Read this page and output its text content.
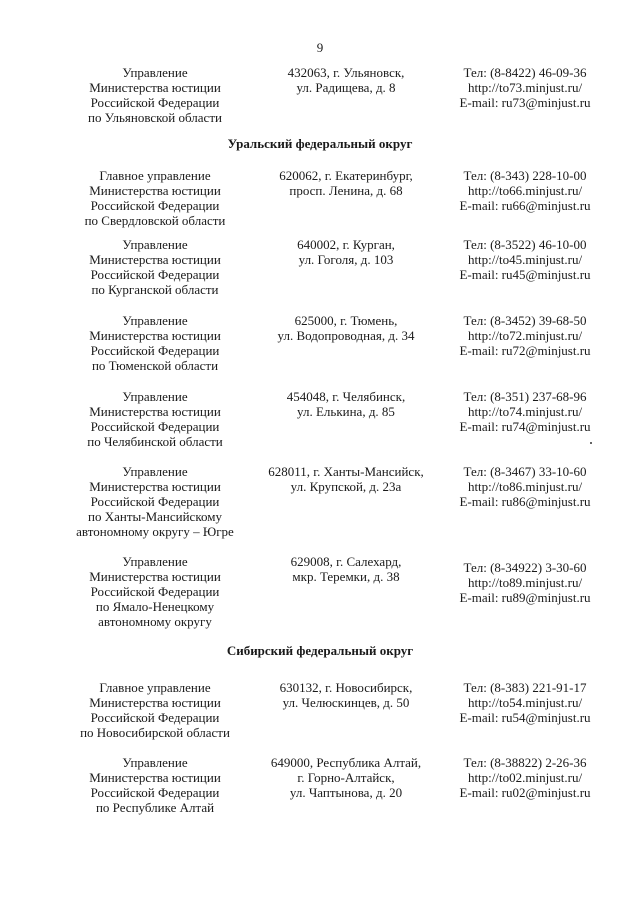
9
Управление
Министерства юстиции
Российской Федерации
по Ульяновской области
432063, г. Ульяновск,
ул. Радищева, д. 8
Тел: (8-8422) 46-09-36
http://to73.minjust.ru/
E-mail: ru73@minjust.ru
Уральский федеральный округ
Главное управление
Министерства юстиции
Российской Федерации
по Свердловской области
620062, г. Екатеринбург,
просп. Ленина, д. 68
Тел: (8-343) 228-10-00
http://to66.minjust.ru/
E-mail: ru66@minjust.ru
Управление
Министерства юстиции
Российской Федерации
по Курганской области
640002, г. Курган,
ул. Гоголя, д. 103
Тел: (8-3522) 46-10-00
http://to45.minjust.ru/
E-mail: ru45@minjust.ru
Управление
Министерства юстиции
Российской Федерации
по Тюменской области
625000, г. Тюмень,
ул. Водопроводная, д. 34
Тел: (8-3452) 39-68-50
http://to72.minjust.ru/
E-mail: ru72@minjust.ru
Управление
Министерства юстиции
Российской Федерации
по Челябинской области
454048, г. Челябинск,
ул. Елькина, д. 85
Тел: (8-351) 237-68-96
http://to74.minjust.ru/
E-mail: ru74@minjust.ru
Управление
Министерства юстиции
Российской Федерации
по Ханты-Мансийскому
автономному округу – Югре
628011, г. Ханты-Мансийск,
ул. Крупской, д. 23а
Тел: (8-3467) 33-10-60
http://to86.minjust.ru/
E-mail: ru86@minjust.ru
Управление
Министерства юстиции
Российской Федерации
по Ямало-Ненецкому
автономному округу
629008, г. Салехард,
мкр. Теремки, д. 38
Тел: (8-34922) 3-30-60
http://to89.minjust.ru/
E-mail: ru89@minjust.ru
Сибирский федеральный округ
Главное управление
Министерства юстиции
Российской Федерации
по Новосибирской области
630132, г. Новосибирск,
ул. Челюскинцев, д. 50
Тел: (8-383) 221-91-17
http://to54.minjust.ru/
E-mail: ru54@minjust.ru
Управление
Министерства юстиции
Российской Федерации
по Республике Алтай
649000, Республика Алтай,
г. Горно-Алтайск,
ул. Чаптынова, д. 20
Тел: (8-38822) 2-26-36
http://to02.minjust.ru/
E-mail: ru02@minjust.ru
